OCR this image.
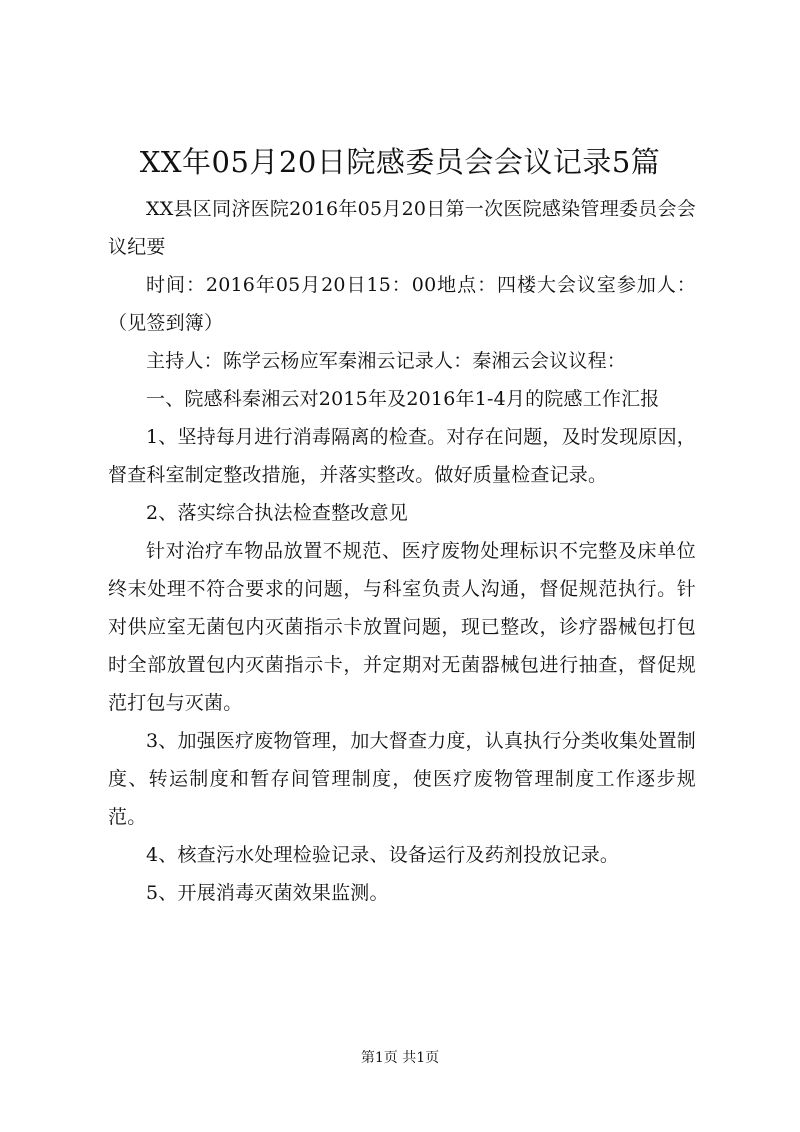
XX年05月20日院感委员会会议记录5篇

XX县区同济医院2016年05月20日第一次医院感染管理委员会会议纪要

时间：2016年05月20日15：00地点：四楼大会议室参加人：（见签到簿）

主持人：陈学云杨应军秦湘云记录人：秦湘云会议议程：

一、院感科秦湘云对2015年及2016年1-4月的院感工作汇报

1、坚持每月进行消毒隔离的检查。对存在问题，及时发现原因，督查科室制定整改措施，并落实整改。做好质量检查记录。

2、落实综合执法检查整改意见

针对治疗车物品放置不规范、医疗废物处理标识不完整及床单位终末处理不符合要求的问题，与科室负责人沟通，督促规范执行。针对供应室无菌包内灭菌指示卡放置问题，现已整改，诊疗器械包打包时全部放置包内灭菌指示卡，并定期对无菌器械包进行抽查，督促规范打包与灭菌。

3、加强医疗废物管理，加大督查力度，认真执行分类收集处置制度、转运制度和暂存间管理制度，使医疗废物管理制度工作逐步规范。

4、核查污水处理检验记录、设备运行及药剂投放记录。

5、开展消毒灭菌效果监测。

第1页 共1页
